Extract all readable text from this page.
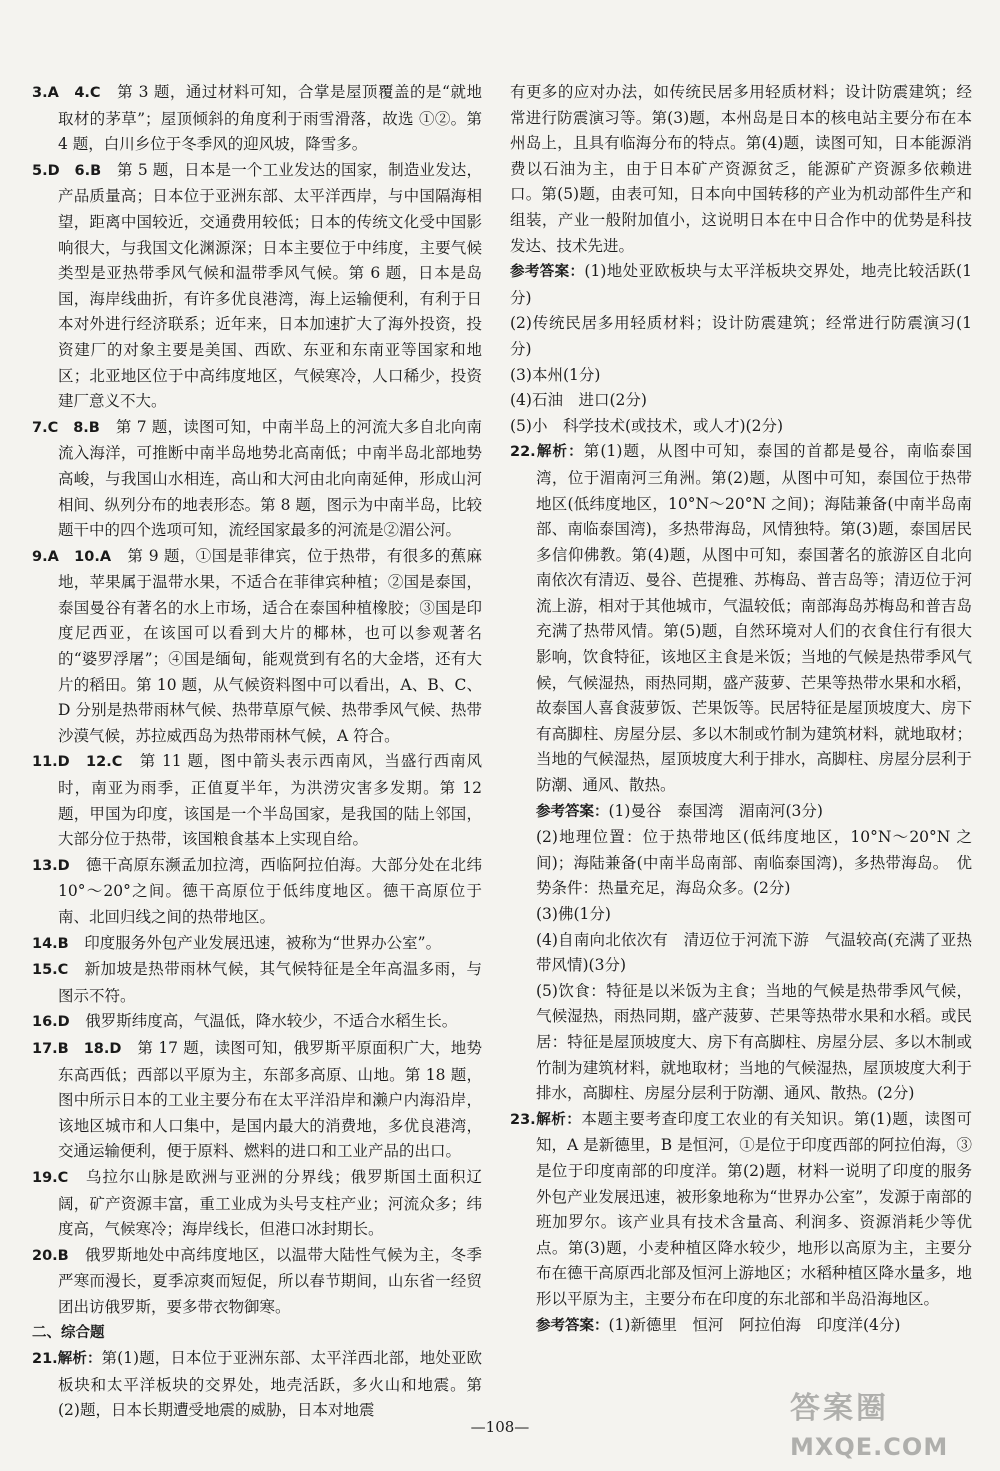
3.A　4.C　第 3 题，通过材料可知，合掌是屋顶覆盖的是“就地取材的茅草”；屋顶倾斜的角度利于雨雪滑落，故选 ①②。第 4 题，白川乡位于冬季风的迎风坡，降雪多。

5.D　6.B　第 5 题，日本是一个工业发达的国家，制造业发达，产品质量高；日本位于亚洲东部、太平洋西岸，与中国隔海相望，距离中国较近，交通费用较低；日本的传统文化受中国影响很大，与我国文化渊源深；日本主要位于中纬度，主要气候类型是亚热带季风气候和温带季风气候。第 6 题，日本是岛国，海岸线曲折，有许多优良港湾，海上运输便利，有利于日本对外进行经济联系；近年来，日本加速扩大了海外投资，投资建厂的对象主要是美国、西欧、东亚和东南亚等国家和地区；北亚地区位于中高纬度地区，气候寒冷，人口稀少，投资建厂意义不大。

7.C　8.B　第 7 题，读图可知，中南半岛上的河流大多自北向南流入海洋，可推断中南半岛地势北高南低；中南半岛北部地势高峻，与我国山水相连，高山和大河由北向南延伸，形成山河相间、纵列分布的地表形态。第 8 题，图示为中南半岛，比较题干中的四个选项可知，流经国家最多的河流是②湄公河。

9.A　10.A　第 9 题，①国是菲律宾，位于热带，有很多的蕉麻地，苹果属于温带水果，不适合在菲律宾种植；②国是泰国，泰国曼谷有著名的水上市场，适合在泰国种植橡胶；③国是印度尼西亚，在该国可以看到大片的椰林，也可以参观著名的“婆罗浮屠”；④国是缅甸，能观赏到有名的大金塔，还有大片的稻田。第 10 题，从气候资料图中可以看出，A、B、C、D 分别是热带雨林气候、热带草原气候、热带季风气候、热带沙漠气候，苏拉威西岛为热带雨林气候，A 符合。

11.D　12.C　第 11 题，图中箭头表示西南风，当盛行西南风时，南亚为雨季，正值夏半年，为洪涝灾害多发期。第 12 题，甲国为印度，该国是一个半岛国家，是我国的陆上邻国，大部分位于热带，该国粮食基本上实现自给。

13.D　德干高原东濒孟加拉湾，西临阿拉伯海。大部分处在北纬 10°～20°之间。德干高原位于低纬度地区。德干高原位于南、北回归线之间的热带地区。

14.B　印度服务外包产业发展迅速，被称为“世界办公室”。

15.C　新加坡是热带雨林气候，其气候特征是全年高温多雨，与图示不符。

16.D　俄罗斯纬度高，气温低，降水较少，不适合水稻生长。

17.B　18.D　第 17 题，读图可知，俄罗斯平原面积广大，地势东高西低；西部以平原为主，东部多高原、山地。第 18 题，图中所示日本的工业主要分布在太平洋沿岸和濑户内海沿岸，该地区城市和人口集中，是国内最大的消费地，多优良港湾，交通运输便利，便于原料、燃料的进口和工业产品的出口。

19.C　乌拉尔山脉是欧洲与亚洲的分界线；俄罗斯国土面积辽阔，矿产资源丰富，重工业成为头号支柱产业；河流众多；纬度高，气候寒冷；海岸线长，但港口冰封期长。

20.B　俄罗斯地处中高纬度地区，以温带大陆性气候为主，冬季严寒而漫长，夏季凉爽而短促，所以春节期间，山东省一经贸团出访俄罗斯，要多带衣物御寒。

二、综合题

21.解析：第(1)题，日本位于亚洲东部、太平洋西北部，地处亚欧板块和太平洋板块的交界处，地壳活跃，多火山和地震。第(2)题，日本长期遭受地震的威胁，日本对地震

有更多的应对办法，如传统民居多用轻质材料；设计防震建筑；经常进行防震演习等。第(3)题，本州岛是日本的核电站主要分布在本州岛上，且具有临海分布的特点。第(4)题，读图可知，日本能源消费以石油为主，由于日本矿产资源贫乏，能源矿产资源多依赖进口。第(5)题，由表可知，日本向中国转移的产业为机动部件生产和组装，产业一般附加值小，这说明日本在中日合作中的优势是科技发达、技术先进。

参考答案：(1)地处亚欧板块与太平洋板块交界处，地壳比较活跃(1分)

(2)传统民居多用轻质材料；设计防震建筑；经常进行防震演习(1分)

(3)本州(1分)

(4)石油　进口(2分)

(5)小　科学技术(或技术，或人才)(2分)

22.解析：第(1)题，从图中可知，泰国的首都是曼谷，南临泰国湾，位于湄南河三角洲。第(2)题，从图中可知，泰国位于热带地区(低纬度地区，10°N～20°N 之间)；海陆兼备(中南半岛南部、南临泰国湾)，多热带海岛，风情独特。第(3)题，泰国居民多信仰佛教。第(4)题，从图中可知，泰国著名的旅游区自北向南依次有清迈、曼谷、芭提雅、苏梅岛、普吉岛等；清迈位于河流上游，相对于其他城市，气温较低；南部海岛苏梅岛和普吉岛充满了热带风情。第(5)题，自然环境对人们的衣食住行有很大影响，饮食特征，该地区主食是米饭；当地的气候是热带季风气候，气候湿热，雨热同期，盛产菠萝、芒果等热带水果和水稻，故泰国人喜食菠萝饭、芒果饭等。民居特征是屋顶坡度大、房下有高脚柱、房屋分层、多以木制或竹制为建筑材料，就地取材；当地的气候湿热，屋顶坡度大利于排水，高脚柱、房屋分层利于防潮、通风、散热。

参考答案：(1)曼谷　泰国湾　湄南河(3分)

(2)地理位置：位于热带地区(低纬度地区，10°N～20°N 之间)；海陆兼备(中南半岛南部、南临泰国湾)，多热带海岛。　优势条件：热量充足，海岛众多。(2分)

(3)佛(1分)

(4)自南向北依次有　清迈位于河流下游　气温较高(充满了亚热带风情)(3分)

(5)饮食：特征是以米饭为主食；当地的气候是热带季风气候，气候湿热，雨热同期，盛产菠萝、芒果等热带水果和水稻。或民居：特征是屋顶坡度大、房下有高脚柱、房屋分层、多以木制或竹制为建筑材料，就地取材；当地的气候湿热，屋顶坡度大利于排水，高脚柱、房屋分层利于防潮、通风、散热。(2分)

23.解析：本题主要考查印度工农业的有关知识。第(1)题，读图可知，A 是新德里，B 是恒河，①是位于印度西部的阿拉伯海，③是位于印度南部的印度洋。第(2)题，材料一说明了印度的服务外包产业发展迅速，被形象地称为“世界办公室”，发源于南部的班加罗尔。该产业具有技术含量高、利润多、资源消耗少等优点。第(3)题，小麦种植区降水较少，地形以高原为主，主要分布在德干高原西北部及恒河上游地区；水稻种植区降水量多，地形以平原为主，主要分布在印度的东北部和半岛沿海地区。

参考答案：(1)新德里　恒河　阿拉伯海　印度洋(4分)

—108—
答案圈
MXQE.COM
